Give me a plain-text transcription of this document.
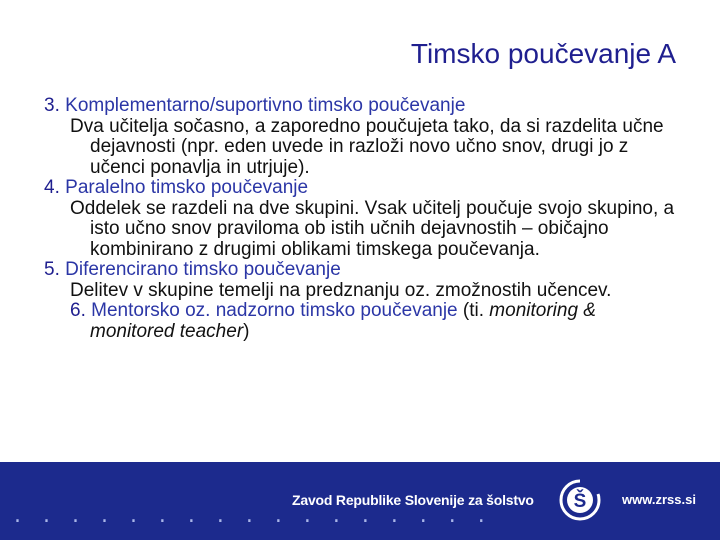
Timsko poučevanje A
3. Komplementarno/suportivno timsko poučevanje

Dva učitelja sočasno, a zaporedno poučujeta tako, da si razdelita učne dejavnosti (npr. eden uvede in razloži novo učno snov, drugi jo z učenci ponavlja in utrjuje).

4. Paralelno timsko poučevanje

Oddelek se razdeli na dve skupini. Vsak učitelj poučuje svojo skupino, a isto učno snov praviloma ob istih učnih dejavnostih – običajno kombinirano z drugimi oblikami timskega poučevanja.

5. Diferencirano timsko poučevanje

Delitev v skupine temelji na predznanju oz. zmožnostih učencev.

6. Mentorsko oz. nadzorno timsko poučevanje (ti. monitoring & monitored teacher)
. . . . . . . . . . . . . . . . .
Zavod Republike Slovenije za šolstvo Š	www.zrss.si
